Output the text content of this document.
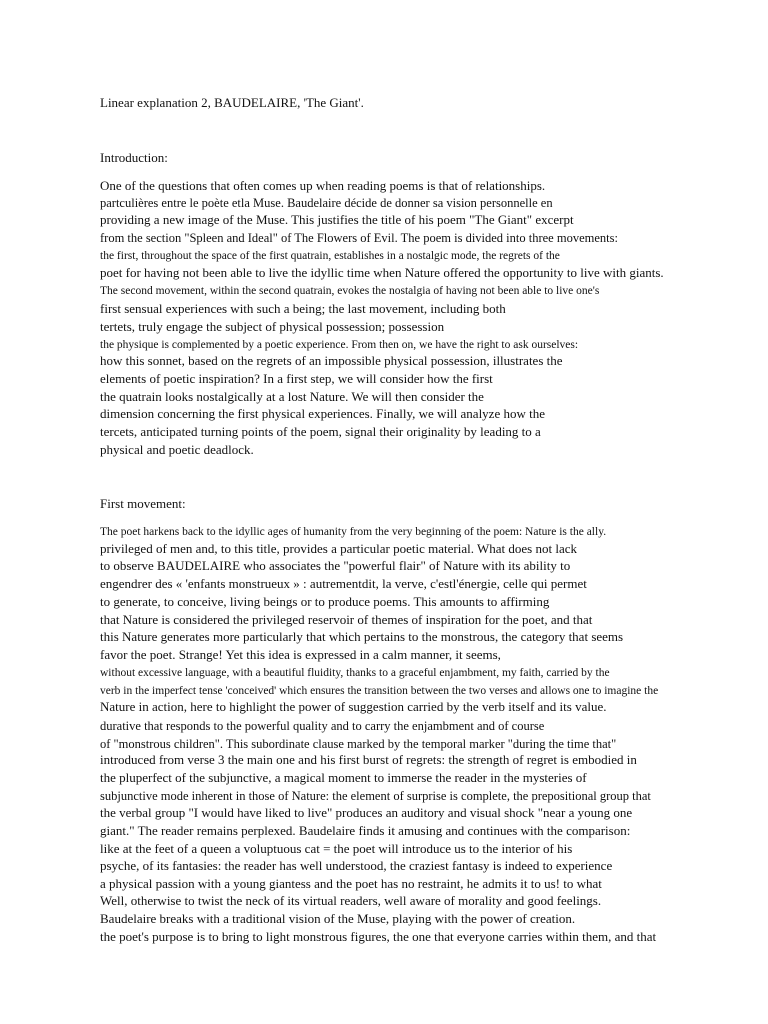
Linear explanation 2, BAUDELAIRE, 'The Giant'.
Introduction:
One of the questions that often comes up when reading poems is that of relationships.
partculières entre le poète etla Muse. Baudelaire décide de donner sa vision personnelle en
providing a new image of the Muse. This justifies the title of his poem "The Giant" excerpt
from the section "Spleen and Ideal" of The Flowers of Evil. The poem is divided into three movements:
the first, throughout the space of the first quatrain, establishes in a nostalgic mode, the regrets of the
poet for having not been able to live the idyllic time when Nature offered the opportunity to live with giants.
The second movement, within the second quatrain, evokes the nostalgia of having not been able to live one's
first sensual experiences with such a being; the last movement, including both
tertets, truly engage the subject of physical possession; possession
the physique is complemented by a poetic experience. From then on, we have the right to ask ourselves:
how this sonnet, based on the regrets of an impossible physical possession, illustrates the
elements of poetic inspiration? In a first step, we will consider how the first
the quatrain looks nostalgically at a lost Nature. We will then consider the
dimension concerning the first physical experiences. Finally, we will analyze how the
tercets, anticipated turning points of the poem, signal their originality by leading to a
physical and poetic deadlock.
First movement:
The poet harkens back to the idyllic ages of humanity from the very beginning of the poem: Nature is the ally.
privileged of men and, to this title, provides a particular poetic material. What does not lack
to observe BAUDELAIRE who associates the "powerful flair" of Nature with its ability to
engendrer des « 'enfants monstrueux » : autrementdit, la verve, c'estl'énergie, celle qui permet
to generate, to conceive, living beings or to produce poems. This amounts to affirming
that Nature is considered the privileged reservoir of themes of inspiration for the poet, and that
this Nature generates more particularly that which pertains to the monstrous, the category that seems
favor the poet. Strange! Yet this idea is expressed in a calm manner, it seems,
without excessive language, with a beautiful fluidity, thanks to a graceful enjambment, my faith, carried by the
verb in the imperfect tense 'conceived' which ensures the transition between the two verses and allows one to imagine the
Nature in action, here to highlight the power of suggestion carried by the verb itself and its value.
durative that responds to the powerful quality and to carry the enjambment and of course
of "monstrous children". This subordinate clause marked by the temporal marker "during the time that"
introduced from verse 3 the main one and his first burst of regrets: the strength of regret is embodied in
the pluperfect of the subjunctive, a magical moment to immerse the reader in the mysteries of
subjunctive mode inherent in those of Nature: the element of surprise is complete, the prepositional group that
the verbal group "I would have liked to live" produces an auditory and visual shock "near a young one
giant." The reader remains perplexed. Baudelaire finds it amusing and continues with the comparison:
like at the feet of a queen a voluptuous cat = the poet will introduce us to the interior of his
psyche, of its fantasies: the reader has well understood, the craziest fantasy is indeed to experience
a physical passion with a young giantess and the poet has no restraint, he admits it to us! to what
Well, otherwise to twist the neck of its virtual readers, well aware of morality and good feelings.
Baudelaire breaks with a traditional vision of the Muse, playing with the power of creation.
the poet's purpose is to bring to light monstrous figures, the one that everyone carries within them, and that
